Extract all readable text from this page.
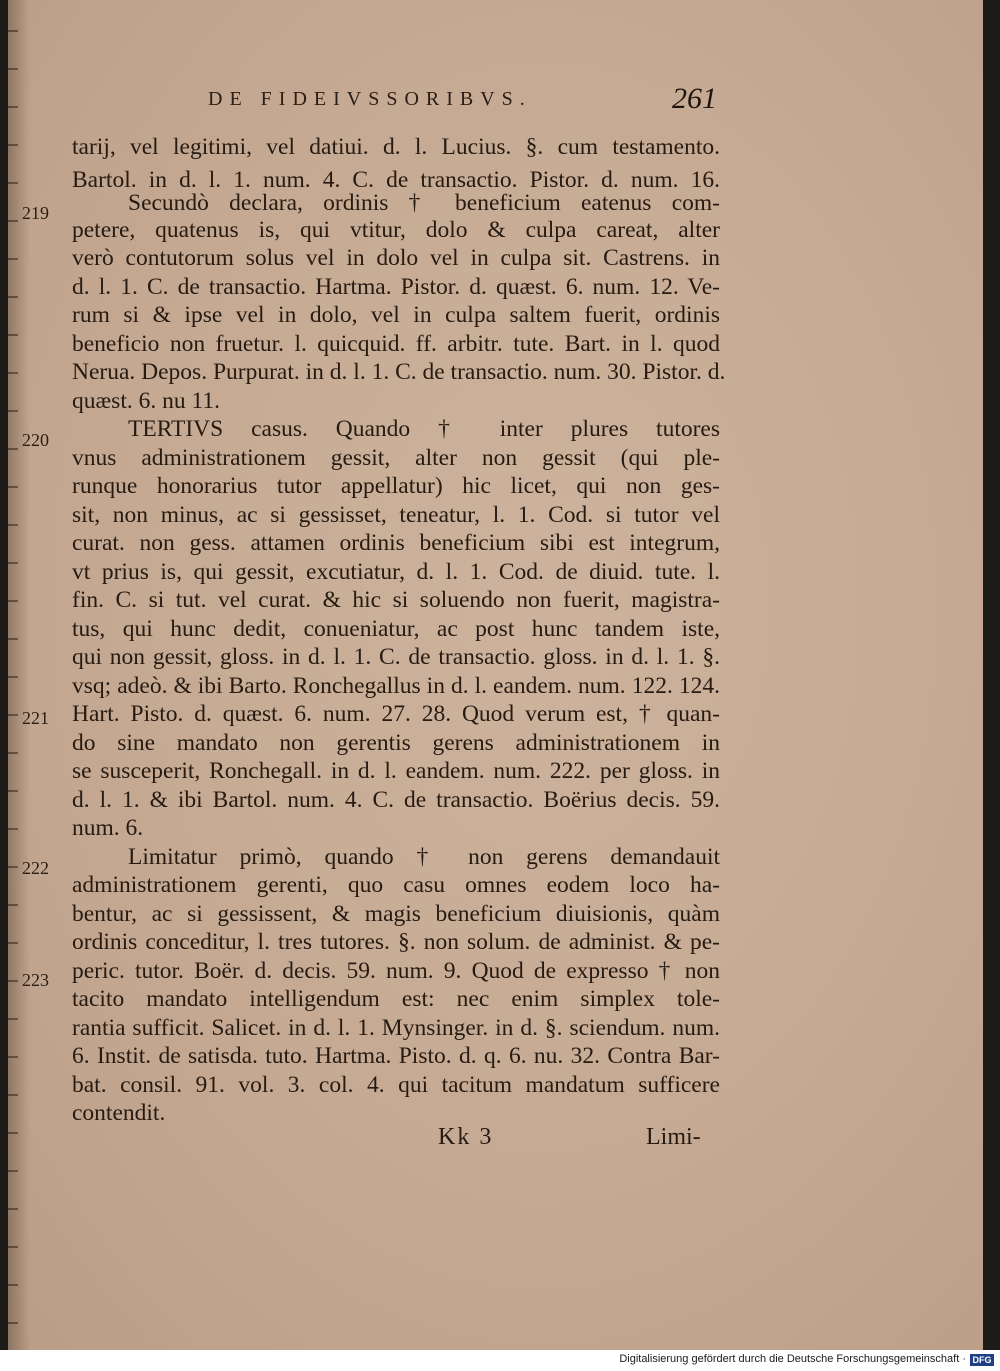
DE FIDEIVSSORIBVS.	261
tarij, vel legitimi, vel datiui. d. l. Lucius. §. cum testamento.
Bartol. in d. l. 1. num. 4. C. de transactio. Pistor. d. num. 16.
219	Secundò declara, ordinis † beneficium eatenus com-
petere, quatenus is, qui vtitur, dolo & culpa careat, alter
verò contutorum solus vel in dolo vel in culpa sit. Castrens. in
d. l. 1. C. de transactio. Hartma. Pistor. d. quæst. 6. num. 12. Ve-
rum si & ipse vel in dolo, vel in culpa saltem fuerit, ordinis
beneficio non fruetur. l. quicquid. ff. arbitr. tute. Bart. in l. quod
Nerua. Depos. Purpurat. in d. l. 1. C. de transactio. num. 30. Pistor. d.
quæst. 6. nu 11.
220	TERTIVS casus. Quando † inter plures tutores
vnus administrationem gessit, alter non gessit (qui ple-
runque honorarius tutor appellatur) hic licet, qui non ges-
sit, non minus, ac si gessisset, teneatur, l. 1. Cod. si tutor vel
curat. non gess. attamen ordinis beneficium sibi est integrum,
vt prius is, qui gessit, excutiatur, d. l. 1. Cod. de diuid. tute. l.
fin. C. si tut. vel curat. & hic si soluendo non fuerit, magistra-
tus, qui hunc dedit, conueniatur, ac post hunc tandem iste,
qui non gessit, gloss. in d. l. 1. C. de transactio. gloss. in d. l. 1. §.
vsq; adeò. & ibi Barto. Ronchegallus in d. l. eandem. num. 122. 124.
221 Hart. Pisto. d. quæst. 6. num. 27. 28. Quod verum est, † quan-
do sine mandato non gerentis gerens administrationem in
se susceperit, Ronchegall. in d. l. eandem. num. 222. per gloss. in
d. l. 1. & ibi Bartol. num. 4. C. de transactio. Boërius decis. 59.
num. 6.
222	Limitatur primò, quando † non gerens demandauit
administrationem gerenti, quo casu omnes eodem loco ha-
bentur, ac si gessissent, & magis beneficium diuisionis, quàm
ordinis conceditur, l. tres tutores. §. non solum. de administ. & pe-
223 peric. tutor. Boër. d. decis. 59. num. 9. Quod de expresso † non
tacito mandato intelligendum est: nec enim simplex tole-
rantia sufficit. Salicet. in d. l. 1. Mynsinger. in d. §. sciendum. num.
6. Instit. de satisda. tuto. Hartma. Pisto. d. q. 6. nu. 32. Contra Bar-
bat. consil. 91. vol. 3. col. 4. qui tacitum mandatum sufficere
contendit.
Kk 3	Limi-
Digitalisierung gefördert durch die Deutsche Forschungsgemeinschaft · DFG
